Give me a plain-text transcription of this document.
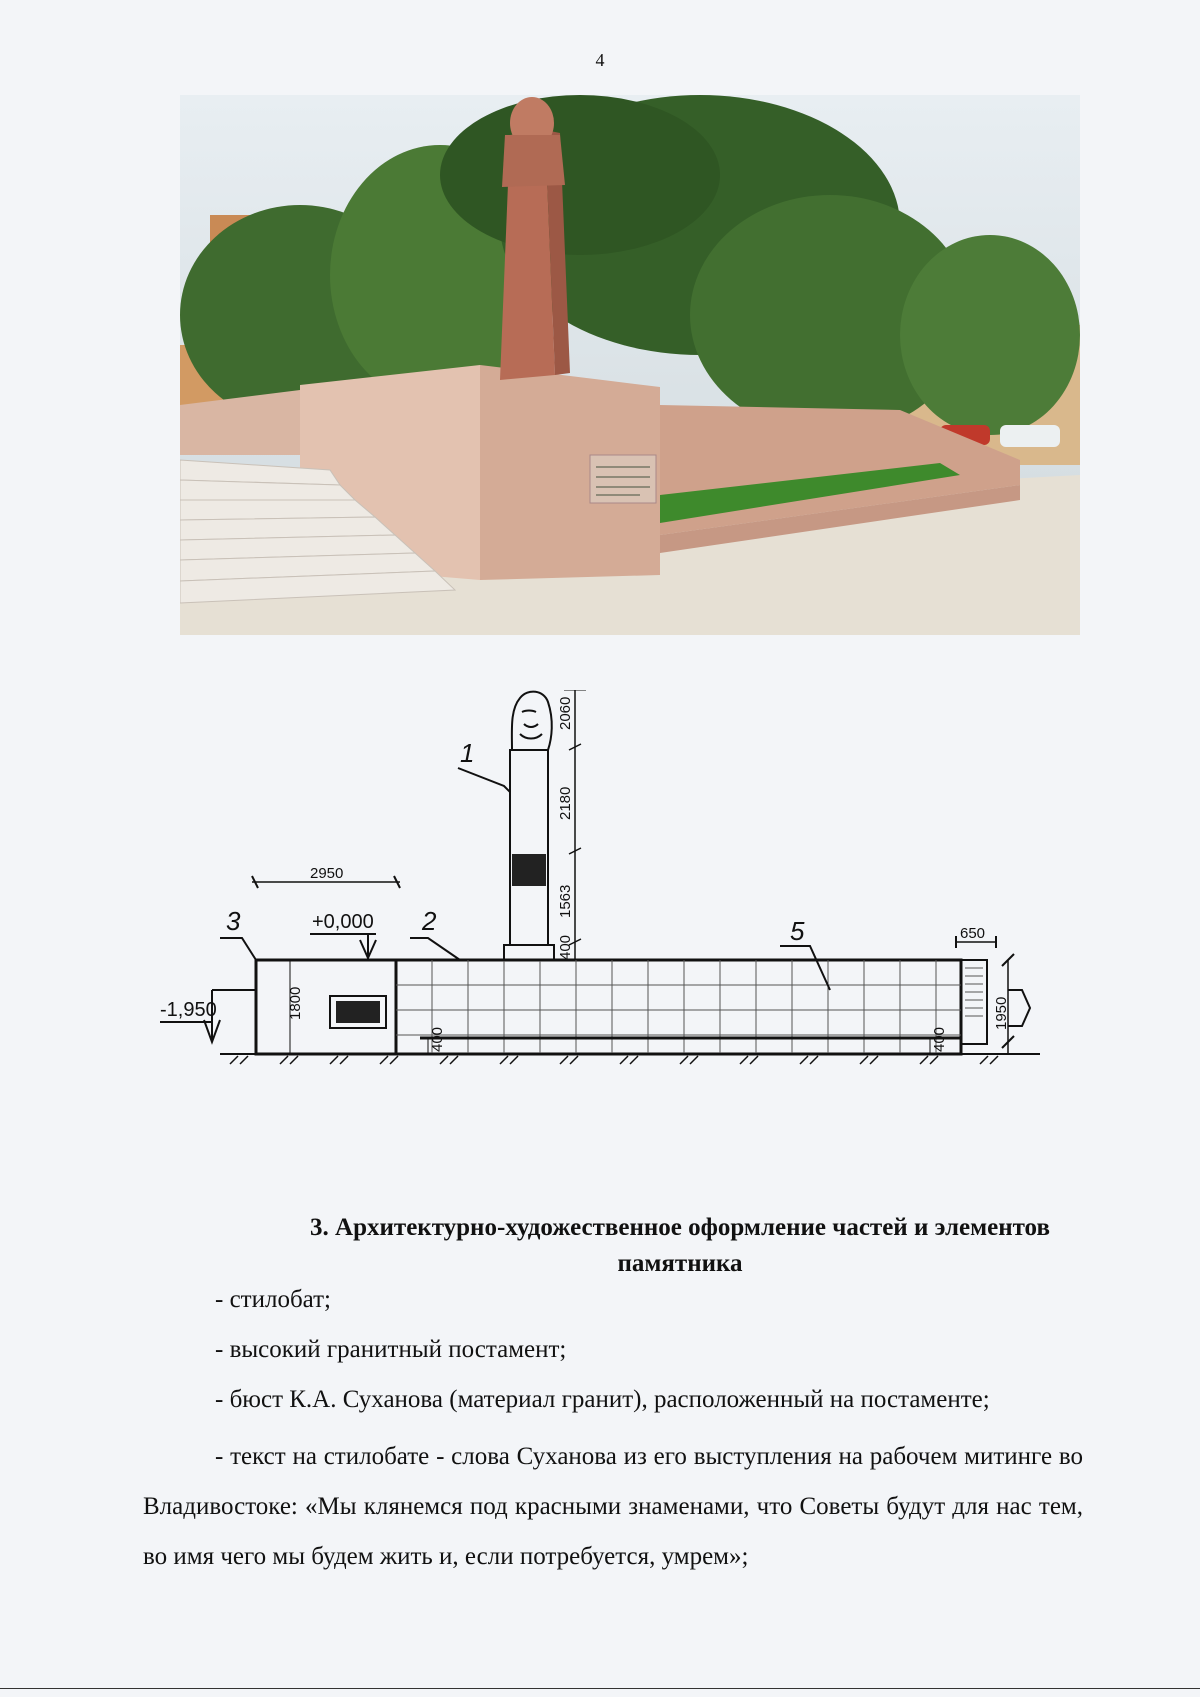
4
2060
2180
1563
400
2950
1800	1950
650
400	400
+0,000
-1,950
1
2
3	5
3. Архитектурно-художественное оформление частей и элементов
памятника
- стилобат;
- высокий гранитный постамент;
- бюст К.А. Суханова (материал гранит), расположенный на постаменте;
- текст на стилобате - слова Суханова из его выступления на рабочем митинге во Владивостоке: «Мы клянемся под красными знаменами, что Советы будут для нас тем, во имя чего мы будем жить и, если потребуется, умрем»;
